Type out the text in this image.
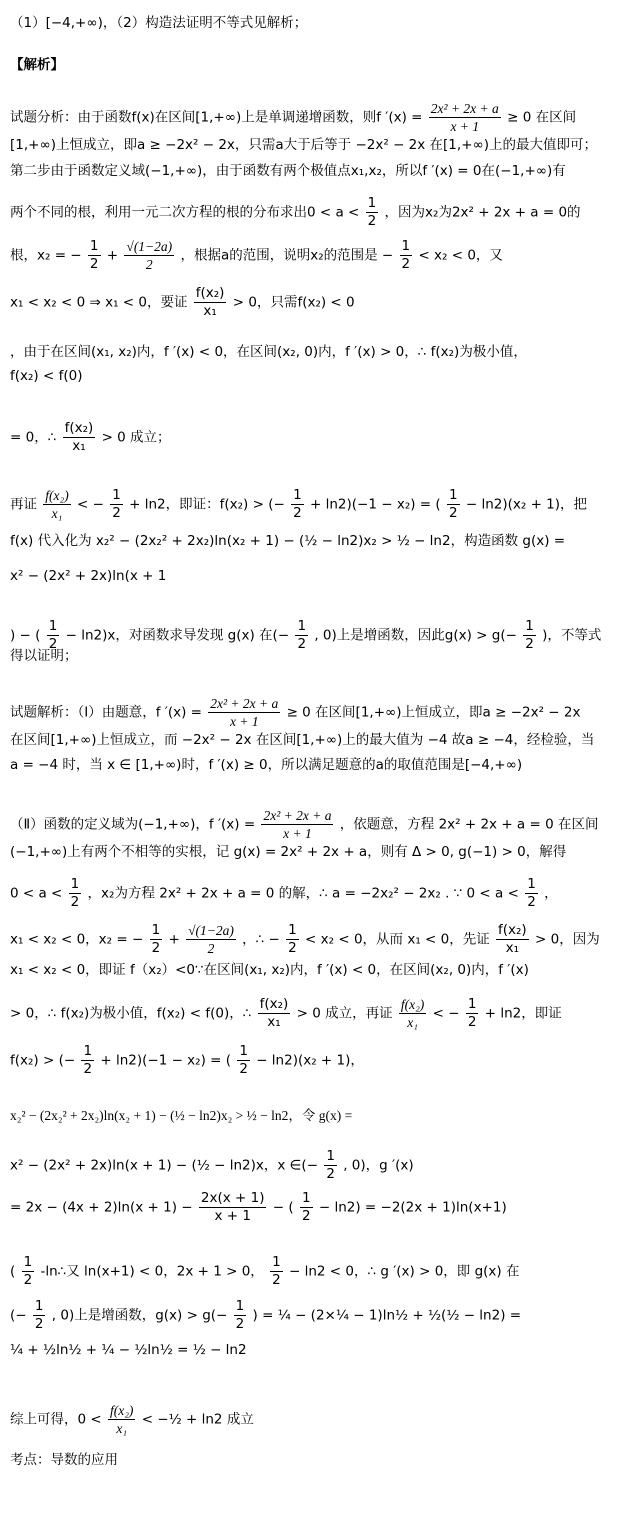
（1）[−4,+∞)，（2）构造法证明不等式见解析；
【解析】
试题分析：由于函数f(x)在区间[1,+∞)上是单调递增函数，则f $'(x) = \frac{\text{2x² + 2x + a}}{x + 1} \ge 0$ 在区间
[1,+∞)上恒成立，即a ≥ −2x² − 2x，只需a大于后等于 −2x² − 2x 在[1,+∞)上的最大值即可；
第二步由于函数定义域(−1,+∞)，由于函数有两个极值点x₁,x₂，所以f ′(x) = 0在(−1,+∞)有
两个不同的根，利用一元二次方程的根的分布求出$0 < a < \frac{1}{2}$ ，因为x₂为2x² + 2x + a = 0的
根，x₂ = − $\frac{1}{2} + \frac{√(1-2a)}{2}$ ，根据a的范围，说明x₂的范围是 − $\frac{1}{2} < x_2 < 0$，又
x₁ < x₂ < 0 ⇒ x₁ < 0，要证 $\frac{\text{f(x₂)}}{\text{x₁}} > 0$，只需f(x₂) < 0
，由于在区间(x₁, x₂)内，f ′(x) < 0，在区间(x₂, 0)内，f ′(x) > 0，∴ f(x₂)为极小值，
f(x₂) < f(0)
= 0，∴ $\frac{\text{f(x₂)}}{\text{x₁}} > 0$ 成立；
再证 $\frac{\text{f(x₂)}}{\text{x₁}}$ < − $\frac{1}{2} + \ln 2$，即证：f(x₂) > (− $\frac{1}{2} + \ln 2)(-1 - x_2)$ = ( $\frac{1}{2} - \ln 2)(x_2 + 1)$，把
f(x) 代入化为 x₂² − (2x₂² + 2x₂)ln(x₂ + 1) − (½ − ln2)x₂ > ½ − ln2，构造函数 g(x) =
x² − (2x² + 2x)ln(x + 1
) − ( $\frac{1}{2} - \ln 2)x$，对函数求导发现 g(x) 在(− $\frac{1}{2}$ , 0)上是增函数，因此$g(x) > g(- \frac{1}{2}$ )，不等式
得以证明；
试题解析：（Ⅰ）由题意，f $'(x) = \frac{\text{2x² + 2x + a}}{x + 1} \ge 0$ 在区间[1,+∞)上恒成立，即a ≥ −2x² − 2x
在区间[1,+∞)上恒成立，而 −2x² − 2x 在区间[1,+∞)上的最大值为 −4 故a ≥ −4，经检验，当
a = −4 时，当 x ∈ [1,+∞)时，f ′(x) ≥ 0，所以满足题意的a的取值范围是[−4,+∞)
（Ⅱ）函数的定义域为(−1,+∞)，f $'(x) = \frac{\text{2x² + 2x + a}}{x + 1}$ ，依题意，方程 2x² + 2x + a = 0 在区间
(−1,+∞)上有两个不相等的实根，记 g(x) = 2x² + 2x + a，则有 Δ > 0, g(−1) > 0，解得
$0 < a < \frac{1}{2}$ ，x₂为方程 2x² + 2x + a = 0 的解，∴ a = −2x₂² − 2x₂ . ∵ $0 < a < \frac{1}{2}$ ，
x₁ < x₂ < 0，x₂ = − $\frac{1}{2} + \frac{√(1-2a)}{2}$ ，∴ − $\frac{1}{2} < x_2 < 0$，从而 x₁ < 0，先证 $\frac{\text{f(x₂)}}{\text{x₁}} > 0$，因为
x₁ < x₂ < 0，即证 f（x₂）<0∵在区间(x₁, x₂)内，f ′(x) < 0，在区间(x₂, 0)内，f ′(x)
> 0，∴ f(x₂)为极小值，f(x₂) < f(0)，∴ $\frac{\text{f(x₂)}}{\text{x₁}} > 0$ 成立，再证 $\frac{\text{f(x₂)}}{\text{x₁}}$ < − $\frac{1}{2} + \ln 2$，即证
f(x₂) > (− $\frac{1}{2} + \ln 2)(-1 - x_2)$ = ( $\frac{1}{2} - \ln 2)(x_2 + 1)$，
x₂² − (2x₂² + 2x₂)ln(x₂ + 1) − (½ − ln2)x₂ > ½ − ln2，令 g(x) =
x² − (2x² + 2x)ln(x + 1) − (½ − ln2)x，x ∈(− $\frac{1}{2}$ , 0)，g ′(x)
= $2x - (4x + 2)\ln(x + 1) - \frac{2x(x + 1)}{x + 1}$ − ( $\frac{1}{2} - \ln 2) = -2(2x + 1)\ln(x+1)$
( $\frac{1}{2}$ -ln∴又 ln(x+1) < 0，2x + 1 > 0， $\frac{1}{2} - \ln 2 < 0$，∴ g ′(x) > 0，即 g(x) 在
(− $\frac{1}{2}$ , 0)上是增函数，$g(x) > g(- \frac{1}{2}$ ) = ¼ − (2×¼ − 1)ln½ + ½(½ − ln2) =
¼ + ½ln½ + ¼ − ½ln½ = ½ − ln2
综上可得，$0 < \frac{\text{f(x₂)}}{\text{x₁}}$ < −½ + ln2 成立
考点：导数的应用
